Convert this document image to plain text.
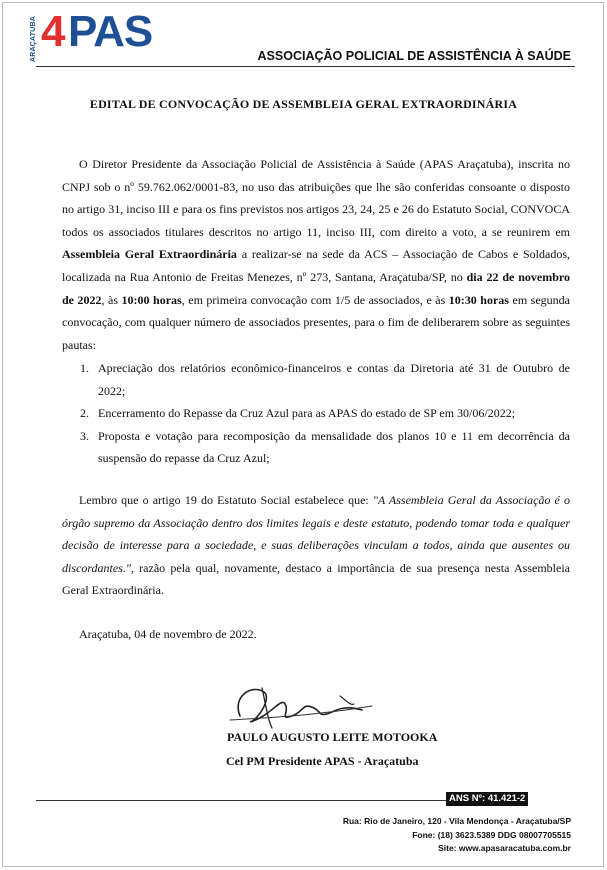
ARAÇATUBA 4 PAS	ASSOCIAÇÃO POLICIAL DE ASSISTÊNCIA À SAÚDE
EDITAL DE CONVOCAÇÃO DE ASSEMBLEIA GERAL EXTRAORDINÁRIA

O Diretor Presidente da Associação Policial de Assistência à Saúde (APAS Araçatuba), inscrita no CNPJ sob o nº 59.762.062/0001-83, no uso das atribuições que lhe são conferidas consoante o disposto no artigo 31, inciso III e para os fins previstos nos artigos 23, 24, 25 e 26 do Estatuto Social, CONVOCA todos os associados titulares descritos no artigo 11, inciso III, com direito a voto, a se reunirem em Assembleia Geral Extraordinária a realizar-se na sede da ACS – Associação de Cabos e Soldados, localizada na Rua Antonio de Freitas Menezes, nº 273, Santana, Araçatuba/SP, no dia 22 de novembro de 2022, às 10:00 horas, em primeira convocação com 1/5 de associados, e às 10:30 horas em segunda convocação, com qualquer número de associados presentes, para o fim de deliberarem sobre as seguintes pautas:

1. Apreciação dos relatórios econômico-financeiros e contas da Diretoria até 31 de Outubro de 2022;
2. Encerramento do Repasse da Cruz Azul para as APAS do estado de SP em 30/06/2022;
3. Proposta e votação para recomposição da mensalidade dos planos 10 e 11 em decorrência da suspensão do repasse da Cruz Azul;

Lembro que o artigo 19 do Estatuto Social estabelece que: "A Assembleia Geral da Associação é o órgão supremo da Associação dentro dos limites legais e deste estatuto, podendo tomar toda e qualquer decisão de interesse para a sociedade, e suas deliberações vinculam a todos, ainda que ausentes ou discordantes.", razão pela qual, novamente, destaco a importância de sua presença nesta Assembleia Geral Extraordinária.

Araçatuba, 04 de novembro de 2022.
PAULO AUGUSTO LEITE MOTOOKA
Cel PM Presidente APAS - Araçatuba
ANS Nº: 41.421-2
Rua: Rio de Janeiro, 120 - Vila Mendonça - Araçatuba/SP
Fone: (18) 3623.5389 DDG 08007705515
Site: www.apasaracatuba.com.br
